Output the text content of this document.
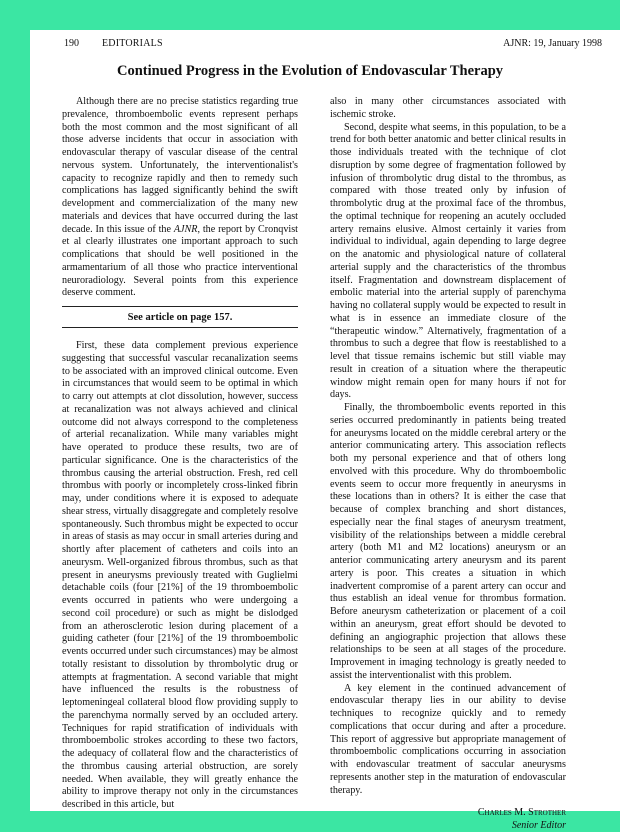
190 EDITORIALS	AJNR: 19, January 1998
Continued Progress in the Evolution of Endovascular Therapy

Although there are no precise statistics regarding true prevalence, thromboembolic events represent perhaps both the most common and the most significant of all those adverse incidents that occur in association with endovascular therapy of vascular disease of the central nervous system. Unfortunately, the interventionalist's capacity to recognize rapidly and then to remedy such complications has lagged significantly behind the swift development and commercialization of the many new materials and devices that have occurred during the last decade. In this issue of the AJNR, the report by Cronqvist et al clearly illustrates one important approach to such complications that should be well positioned in the armamentarium of all those who practice interventional neuroradiology. Several points from this experience deserve comment.

See article on page 157.

First, these data complement previous experience suggesting that successful vascular recanalization seems to be associated with an improved clinical outcome. Even in circumstances that would seem to be optimal in which to carry out attempts at clot dissolution, however, success at recanalization was not always achieved and clinical outcome did not always correspond to the completeness of arterial recanalization. While many variables might have operated to produce these results, two are of particular significance. One is the characteristics of the thrombus causing the arterial obstruction. Fresh, red cell thrombus with poorly or incompletely cross-linked fibrin may, under conditions where it is exposed to adequate shear stress, virtually disaggregate and completely resolve spontaneously. Such thrombus might be expected to occur in areas of stasis as may occur in small arteries during and shortly after placement of catheters and coils into an aneurysm. Well-organized fibrous thrombus, such as that present in aneurysms previously treated with Guglielmi detachable coils (four [21%] of the 19 thromboembolic events occurred in patients who were undergoing a second coil procedure) or such as might be dislodged from an atherosclerotic lesion during placement of a guiding catheter (four [21%] of the 19 thromboembolic events occurred under such circumstances) may be almost totally resistant to dissolution by thrombolytic drug or attempts at fragmentation. A second variable that might have influenced the results is the robustness of leptomeningeal collateral blood flow providing supply to the parenchyma normally served by an occluded artery. Techniques for rapid stratification of individuals with thromboembolic strokes according to these two factors, the adequacy of collateral flow and the characteristics of the thrombus causing arterial obstruction, are sorely needed. When available, they will greatly enhance the ability to improve therapy not only in the circumstances described in this article, but

also in many other circumstances associated with ischemic stroke.

Second, despite what seems, in this population, to be a trend for both better anatomic and better clinical results in those individuals treated with the technique of clot disruption by some degree of fragmentation followed by infusion of thrombolytic drug distal to the thrombus, as compared with those treated only by infusion of thrombolytic drug at the proximal face of the thrombus, the optimal technique for reopening an acutely occluded artery remains elusive. Almost certainly it varies from individual to individual, again depending to large degree on the anatomic and physiological nature of collateral arterial supply and the characteristics of the thrombus itself. Fragmentation and downstream displacement of embolic material into the arterial supply of parenchyma having no collateral supply would be expected to result in what is in essence an immediate closure of the “therapeutic window.” Alternatively, fragmentation of a thrombus to such a degree that flow is reestablished to a level that tissue remains ischemic but still viable may result in creation of a situation where the therapeutic window might remain open for many hours if not for days.

Finally, the thromboembolic events reported in this series occurred predominantly in patients being treated for aneurysms located on the middle cerebral artery or the anterior communicating artery. This association reflects both my personal experience and that of others long envolved with this procedure. Why do thromboembolic events seem to occur more frequently in aneurysms in these locations than in others? It is either the case that because of complex branching and short distances, especially near the final stages of aneurysm treatment, visibility of the relationships between a middle cerebral artery (both M1 and M2 locations) aneurysm or an anterior communicating artery aneurysm and its parent artery is poor. This creates a situation in which inadvertent compromise of a parent artery can occur and thus establish an ideal venue for thrombus formation. Before aneurysm catheterization or placement of a coil within an aneurysm, great effort should be devoted to defining an angiographic projection that allows these relationships to be seen at all stages of the procedure. Improvement in imaging technology is greatly needed to assist the interventionalist with this problem.

A key element in the continued advancement of endovascular therapy lies in our ability to devise techniques to recognize quickly and to remedy complications that occur during and after a procedure. This report of aggressive but appropriate management of thromboembolic complications occurring in association with endovascular treatment of saccular aneurysms represents another step in the maturation of endovascular therapy.

Charles M. Strother
Senior Editor
